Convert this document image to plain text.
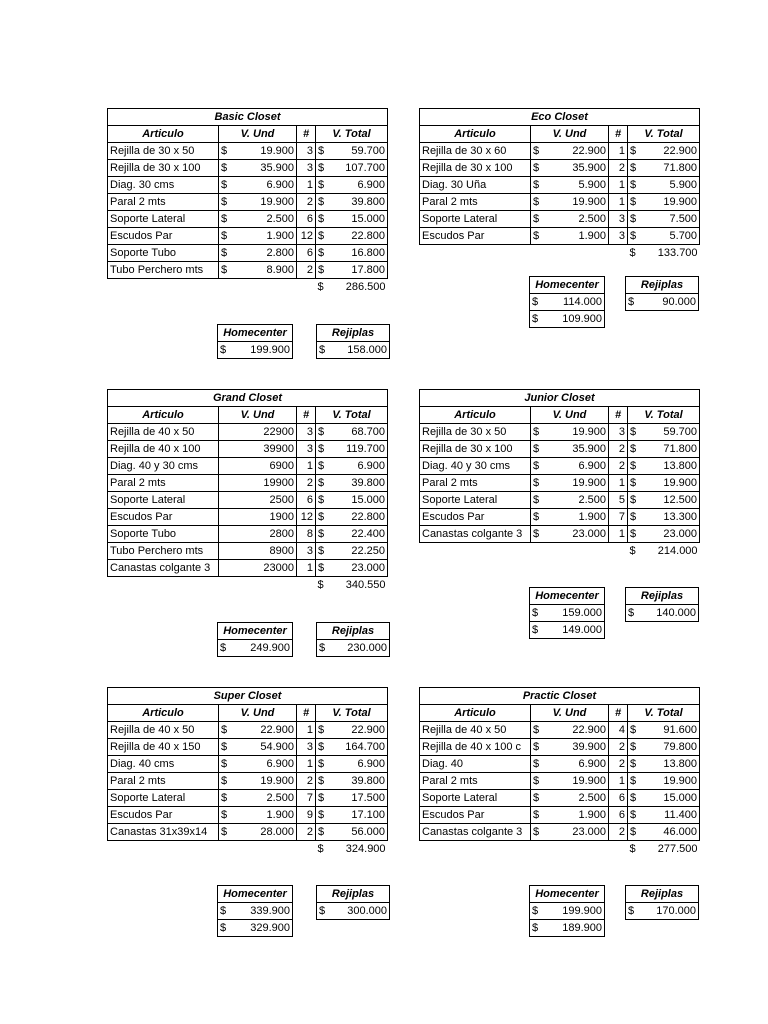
Basic Closet			
Articulo	V. Und	#	V. Total
Rejilla de 30 x 50	$ 19.900	3	$ 59.700

Rejilla de 30 x 100	$ 35.900	3	$ 107.700

Diag. 30 cms	$ 6.900	1	$ 6.900

Paral 2 mts	$ 19.900	2	$ 39.800

Soporte Lateral	$ 2.500	6	$ 15.000

Escudos Par	$ 1.900	12	$ 22.800

Soporte Tubo	$ 2.800	6	$ 16.800

Tubo Perchero mts	$ 8.900	2	$ 17.800

			$ 286.500
Homecenter

$ 199.900
Rejiplas

$ 158.000
Eco Closet			
Articulo	V. Und	#	V. Total
Rejilla de 30 x 60	$ 22.900	1	$ 22.900

Rejilla de 30 x 100	$ 35.900	2	$ 71.800

Diag. 30 Uña	$ 5.900	1	$ 5.900

Paral 2 mts	$ 19.900	1	$ 19.900

Soporte Lateral	$ 2.500	3	$ 7.500

Escudos Par	$ 1.900	3	$ 5.700

			$ 133.700
Homecenter

$ 114.000

$ 109.900
Rejiplas

$	90.000
Grand Closet			
Articulo	V. Und	#	V. Total
Rejilla de 40 x 50	22900	3	$ 68.700

Rejilla de 40 x 100	39900	3	$ 119.700

Diag. 40 y 30 cms	6900	1	$ 6.900

Paral 2 mts	19900	2	$ 39.800

Soporte Lateral	2500	6	$ 15.000

Escudos Par	1900	12	$ 22.800

Soporte Tubo	2800	8	$ 22.400

Tubo Perchero mts	8900	3	$ 22.250

Canastas colgante 3	23000	1	$ 23.000

			$ 340.550
Homecenter

$ 249.900
Rejiplas

$ 230.000
Junior Closet			
Articulo	V. Und	#	V. Total
Rejilla de 30 x 50	$ 19.900	3	$ 59.700

Rejilla de 30 x 100	$ 35.900	2	$ 71.800

Diag. 40 y 30 cms	$ 6.900	2	$ 13.800

Paral 2 mts	$ 19.900	1	$ 19.900

Soporte Lateral	$ 2.500	5	$ 12.500

Escudos Par	$ 1.900	7	$ 13.300

Canastas colgante 3	$ 23.000	1	$ 23.000

			$ 214.000
Homecenter

$ 159.000

$ 149.000
Rejiplas

$ 140.000
Super Closet			
Articulo	V. Und	#	V. Total
Rejilla de 40 x 50	$ 22.900	1	$ 22.900

Rejilla de 40 x 150	$ 54.900	3	$ 164.700

Diag. 40 cms	$ 6.900	1	$ 6.900

Paral 2 mts	$ 19.900	2	$ 39.800

Soporte Lateral	$ 2.500	7	$ 17.500

Escudos Par	$ 1.900	9	$ 17.100

Canastas 31x39x14	$ 28.000	2	$ 56.000

			$ 324.900
Homecenter

$ 339.900

$ 329.900
Rejiplas

$ 300.000
Practic Closet			
Articulo	V. Und	#	V. Total
Rejilla de 40 x 50	$ 22.900	4	$ 91.600

Rejilla de 40 x 100 c	$ 39.900	2	$ 79.800

Diag. 40	$ 6.900	2	$ 13.800

Paral 2 mts	$ 19.900	1	$ 19.900

Soporte Lateral	$ 2.500	6	$ 15.000

Escudos Par	$ 1.900	6	$ 11.400

Canastas colgante 3	$ 23.000	2	$ 46.000

			$ 277.500
Homecenter

$ 199.900

$ 189.900
Rejiplas

$ 170.000
